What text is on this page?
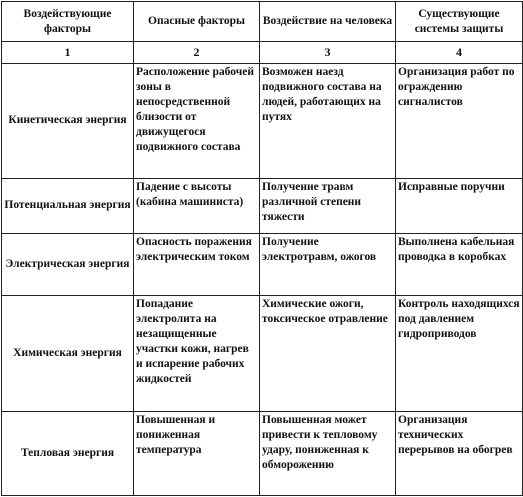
Воздействующие факторы	Опасные факторы	Воздействие на человека	Существующие системы защиты
1	2	3	4
Кинетическая энергия	Расположение рабочей зоны в непосредственной близости от движущегося подвижного состава	Возможен наезд подвижного состава на людей, работающих на путях	Организация работ по ограждению сигналистов
Потенциальная энергия	Падение с высоты (кабина машиниста)	Получение травм различной степени тяжести	Исправные поручни
Электрическая энергия	Опасность поражения электрическим током	Получение электротравм, ожогов	Выполнена кабельная проводка в коробках
Химическая энергия	Попадание электролита на незащищенные участки кожи, нагрев и испарение рабочих жидкостей	Химические ожоги, токсическое отравление	Контроль находящихся под давлением гидроприводов
Тепловая энергия	Повышенная и пониженная температура	Повышенная может привести к тепловому удару, пониженная к обморожению	Организация технических перерывов на обогрев
